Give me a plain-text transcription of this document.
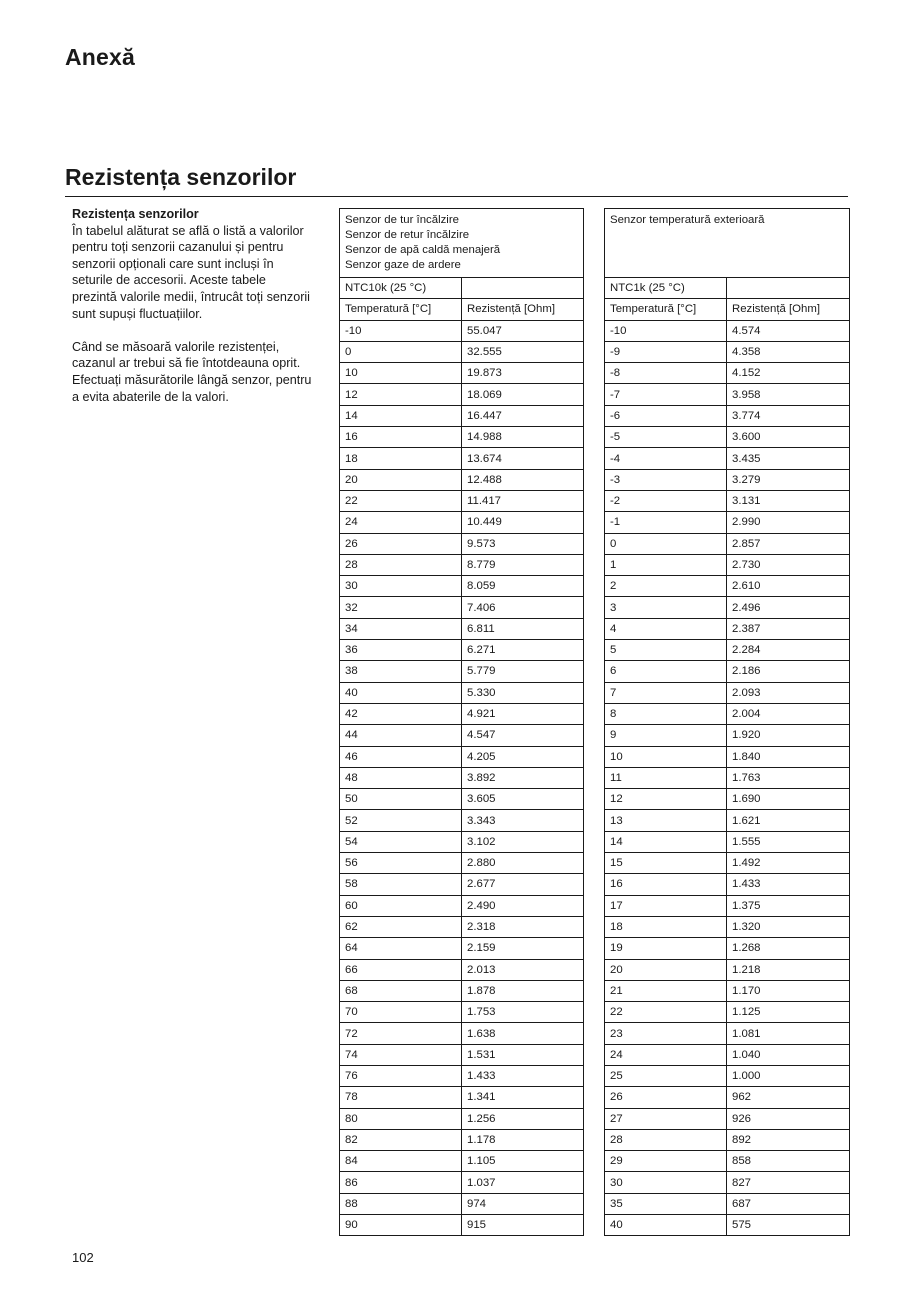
Anexă
Rezistența senzorilor
Rezistența senzorilor

În tabelul alăturat se află o listă a valorilor pentru toți senzorii cazanului și pentru senzorii opționali care sunt incluși în seturile de accesorii. Aceste tabele prezintă valorile medii, întrucât toți senzorii sunt supuși fluctuațiilor.

Când se măsoară valorile rezistenței, cazanul ar trebui să fie întotdeauna oprit. Efectuați măsurătorile lângă senzor, pentru a evita abaterile de la valori.

Senzor de tur încălzire
Senzor de retur încălzire
Senzor de apă caldă menajeră
Senzor gaze de ardere	

NTC10k (25 °C)	
Temperatură [°C]	Rezistență [Ohm]
-10	55.047
0	32.555
10	19.873
12	18.069
14	16.447
16	14.988
18	13.674
20	12.488
22	11.417
24	10.449
26	9.573
28	8.779
30	8.059
32	7.406
34	6.811
36	6.271
38	5.779
40	5.330
42	4.921
44	4.547
46	4.205
48	3.892
50	3.605
52	3.343
54	3.102
56	2.880
58	2.677
60	2.490
62	2.318
64	2.159
66	2.013
68	1.878
70	1.753
72	1.638
74	1.531
76	1.433
78	1.341
80	1.256
82	1.178
84	1.105
86	1.037
88	974
90	915
Senzor temperatură exterioară	

NTC1k (25 °C)	
Temperatură [°C]	Rezistență [Ohm]
-10	4.574
-9	4.358
-8	4.152
-7	3.958
-6	3.774
-5	3.600
-4	3.435
-3	3.279
-2	3.131
-1	2.990
0	2.857
1	2.730
2	2.610
3	2.496
4	2.387
5	2.284
6	2.186
7	2.093
8	2.004
9	1.920
10	1.840
11	1.763
12	1.690
13	1.621
14	1.555
15	1.492
16	1.433
17	1.375
18	1.320
19	1.268
20	1.218
21	1.170
22	1.125
23	1.081
24	1.040
25	1.000
26	962
27	926
28	892
29	858
30	827
35	687
40	575
102
